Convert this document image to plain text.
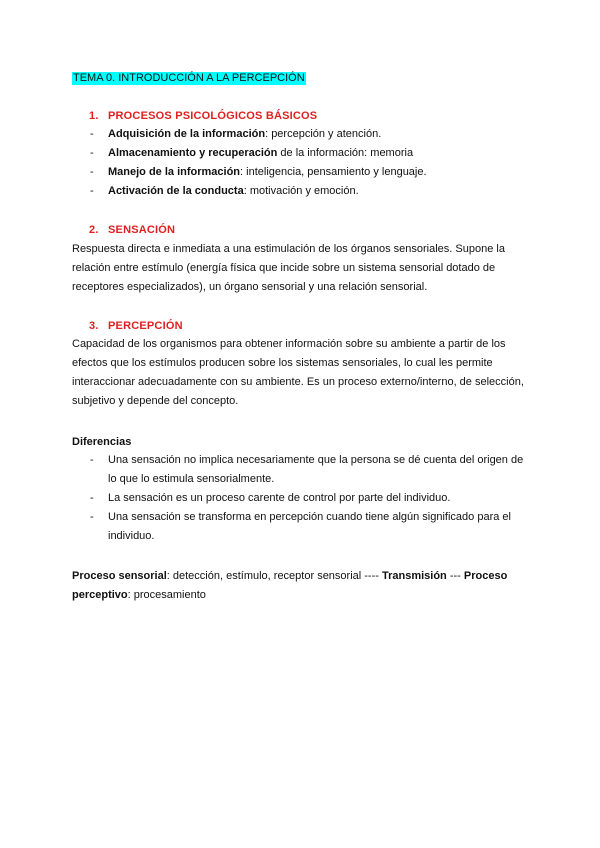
TEMA 0. INTRODUCCIÓN A LA PERCEPCIÓN
1. PROCESOS PSICOLÓGICOS BÁSICOS
- Adquisición de la información: percepción y atención.
- Almacenamiento y recuperación de la información: memoria
- Manejo de la información: inteligencia, pensamiento y lenguaje.
- Activación de la conducta: motivación y emoción.
2. SENSACIÓN

Respuesta directa e inmediata a una estimulación de los órganos sensoriales. Supone la relación entre estímulo (energía física que incide sobre un sistema sensorial dotado de receptores especializados), un órgano sensorial y una relación sensorial.

3. PERCEPCIÓN

Capacidad de los organismos para obtener información sobre su ambiente a partir de los efectos que los estímulos producen sobre los sistemas sensoriales, lo cual les permite interaccionar adecuadamente con su ambiente. Es un proceso externo/interno, de selección, subjetivo y depende del concepto.

Diferencias
- Una sensación no implica necesariamente que la persona se dé cuenta del origen de lo que lo estimula sensorialmente.
- La sensación es un proceso carente de control por parte del individuo.
- Una sensación se transforma en percepción cuando tiene algún significado para el individuo.

Proceso sensorial: detección, estímulo, receptor sensorial ---- Transmisión --- Proceso perceptivo: procesamiento
